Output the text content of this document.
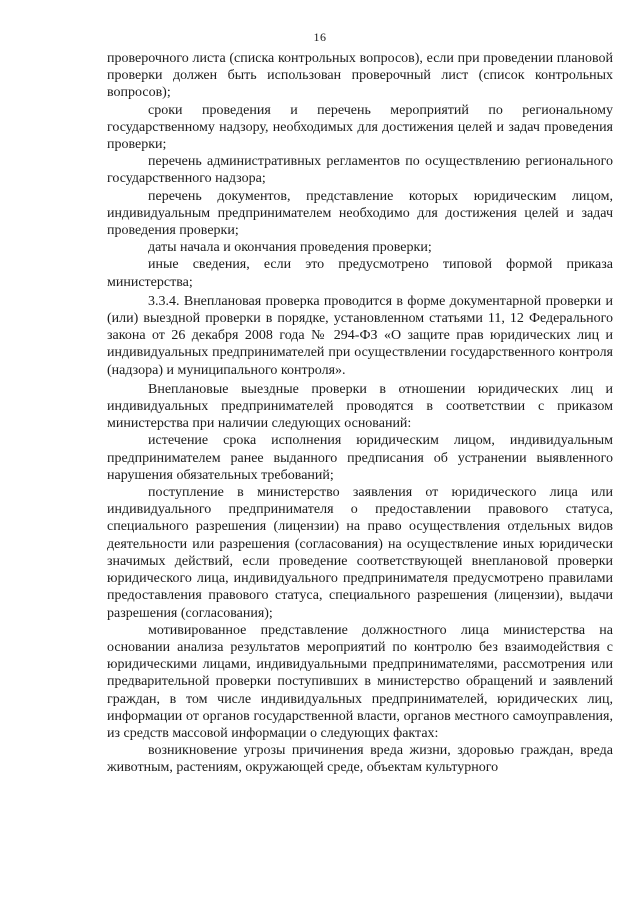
16

проверочного листа (списка контрольных вопросов), если при проведении плановой проверки должен быть использован проверочный лист (список контрольных вопросов);

сроки проведения и перечень мероприятий по региональному государственному надзору, необходимых для достижения целей и задач проведения проверки;

перечень административных регламентов по осуществлению регионального государственного надзора;

перечень документов, представление которых юридическим лицом, индивидуальным предпринимателем необходимо для достижения целей и задач проведения проверки;

даты начала и окончания проведения проверки;

иные сведения, если это предусмотрено типовой формой приказа министерства;

3.3.4. Внеплановая проверка проводится в форме документарной проверки и (или) выездной проверки в порядке, установленном статьями 11, 12 Федерального закона от 26 декабря 2008 года № 294-ФЗ «О защите прав юридических лиц и индивидуальных предпринимателей при осуществлении государственного контроля (надзора) и муниципального контроля».

Внеплановые выездные проверки в отношении юридических лиц и индивидуальных предпринимателей проводятся в соответствии с приказом министерства при наличии следующих оснований:

истечение срока исполнения юридическим лицом, индивидуальным предпринимателем ранее выданного предписания об устранении выявленного нарушения обязательных требований;

поступление в министерство заявления от юридического лица или индивидуального предпринимателя о предоставлении правового статуса, специального разрешения (лицензии) на право осуществления отдельных видов деятельности или разрешения (согласования) на осуществление иных юридически значимых действий, если проведение соответствующей внеплановой проверки юридического лица, индивидуального предпринимателя предусмотрено правилами предоставления правового статуса, специального разрешения (лицензии), выдачи разрешения (согласования);

мотивированное представление должностного лица министерства на основании анализа результатов мероприятий по контролю без взаимодействия с юридическими лицами, индивидуальными предпринимателями, рассмотрения или предварительной проверки поступивших в министерство обращений и заявлений граждан, в том числе индивидуальных предпринимателей, юридических лиц, информации от органов государственной власти, органов местного самоуправления, из средств массовой информации о следующих фактах:

возникновение угрозы причинения вреда жизни, здоровью граждан, вреда животным, растениям, окружающей среде, объектам культурного
